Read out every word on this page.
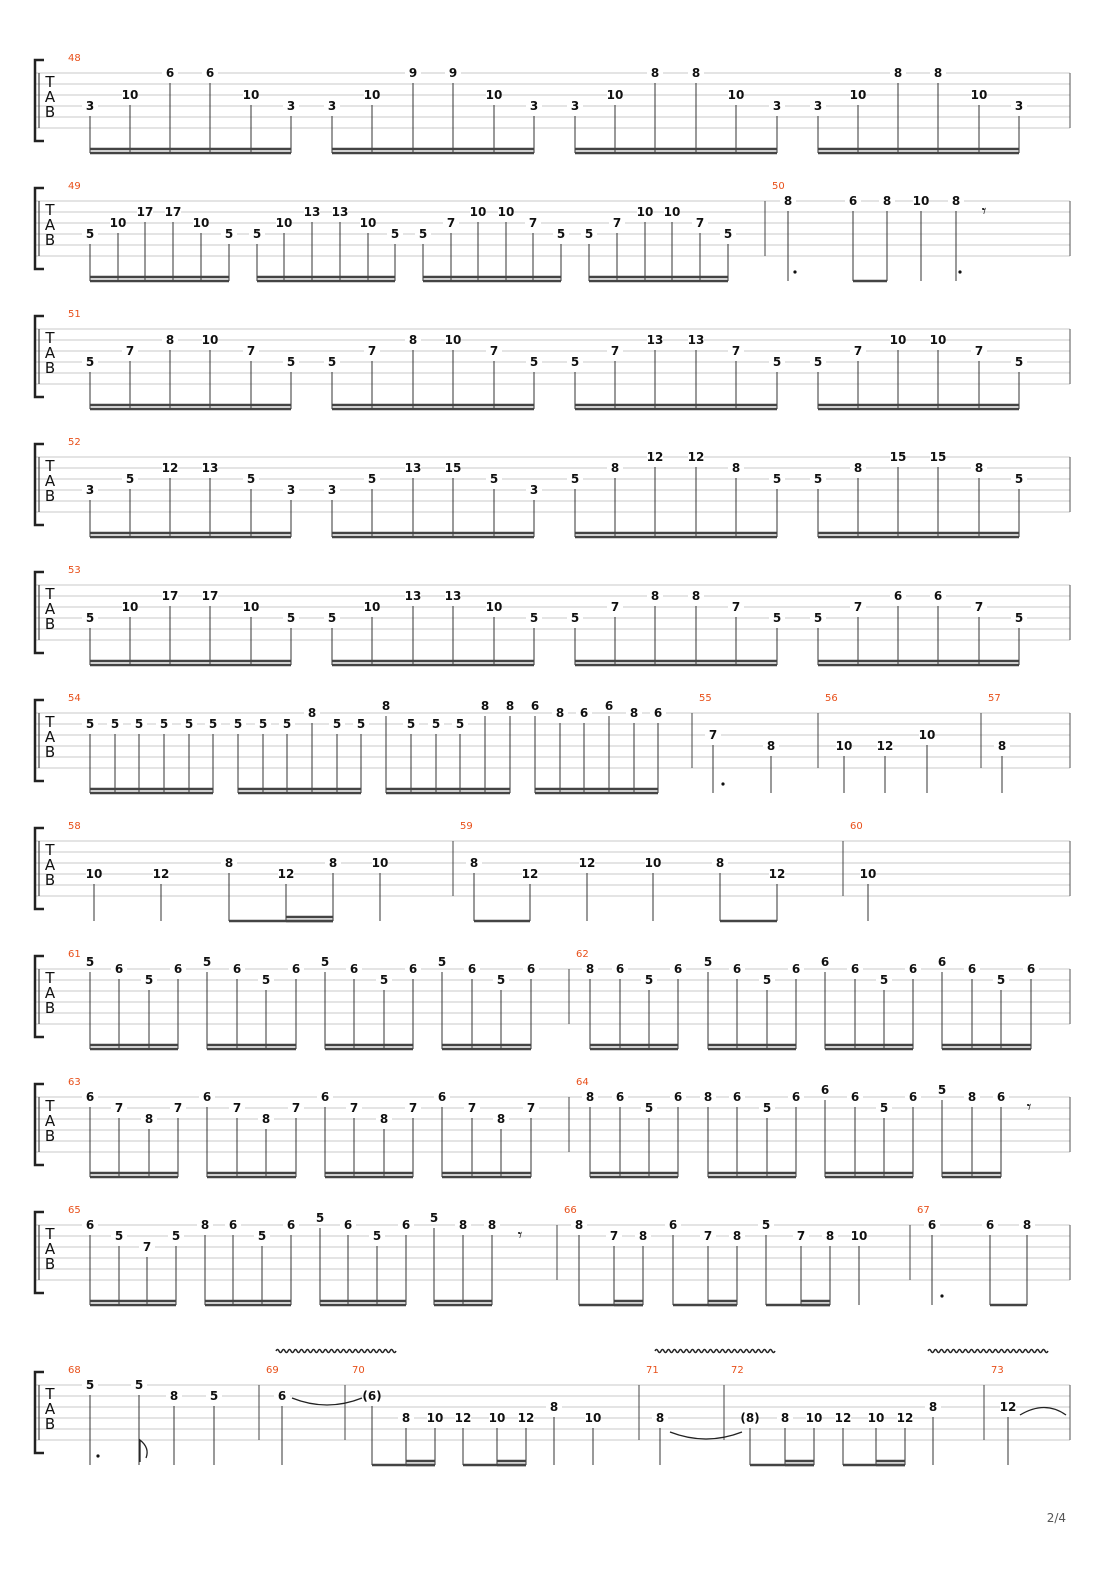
T
A
B
48
3
10
6	6
10
3	3
10
9	9
10
3	3
10
8	8
10
3	3
10
8	8
10
3
T
A
B
49
5
10
17 17
10
5 5
10
13 13
10
5 5
7
10 10
7
5 5
7
10 10
7
5
50
8	6 8 10 8 𝄾
T
A
B
51
5
7
8 10
7
5	5
7
8 10
7
5	5
7
13 13
7
5	5
7
10 10
7
5
T
A
B
52
3
5
12 13
5
3	3
5
13 15
5
3
5
8
12 12
8
5	5
8
15 15
8
5
T
A
B
53
5
10
17 17
10
5	5
10
13 13
10
5	5
7
8	8
7
5	5
7
6	6
7
5
T
A
B
54
5 5 5 5 5 5 5 5 5
8
5 5
8
5 5 5
8 8 6 8 6 6 8 6
55
7
8
56
10 12
10
57
8
T
A
B
58
10	12
8
12
8	10
59
8
12
12	10	8
12
60
10
T
A
B
61
5 6
5
6 5 6
5
6 5 6
5
6 5 6
5
6
62
8 6
5
6 5 6
5
6 6 6
5
6 6 6
5
6
T
A
B
63
6
7
8
7
6
7
8
7
6
7
8
7
6
7
8
7
64
8 6
5
6 8 6
5
6 6 6
5
6 5 8 6 𝄾
T
A
B
65
6
5
7
5
8 6
5
6 5 6
5
6 5 8 8 𝄾
66
8
7 8
6
7 8
5
7 8 10
67
6	6 8
T
A
B
68
5	5
8	5
69
6
70
(6)
8 10 12 10 12
8
10
71
8
72
(8) 8 10 12 10 12
8
73
12
2/4
